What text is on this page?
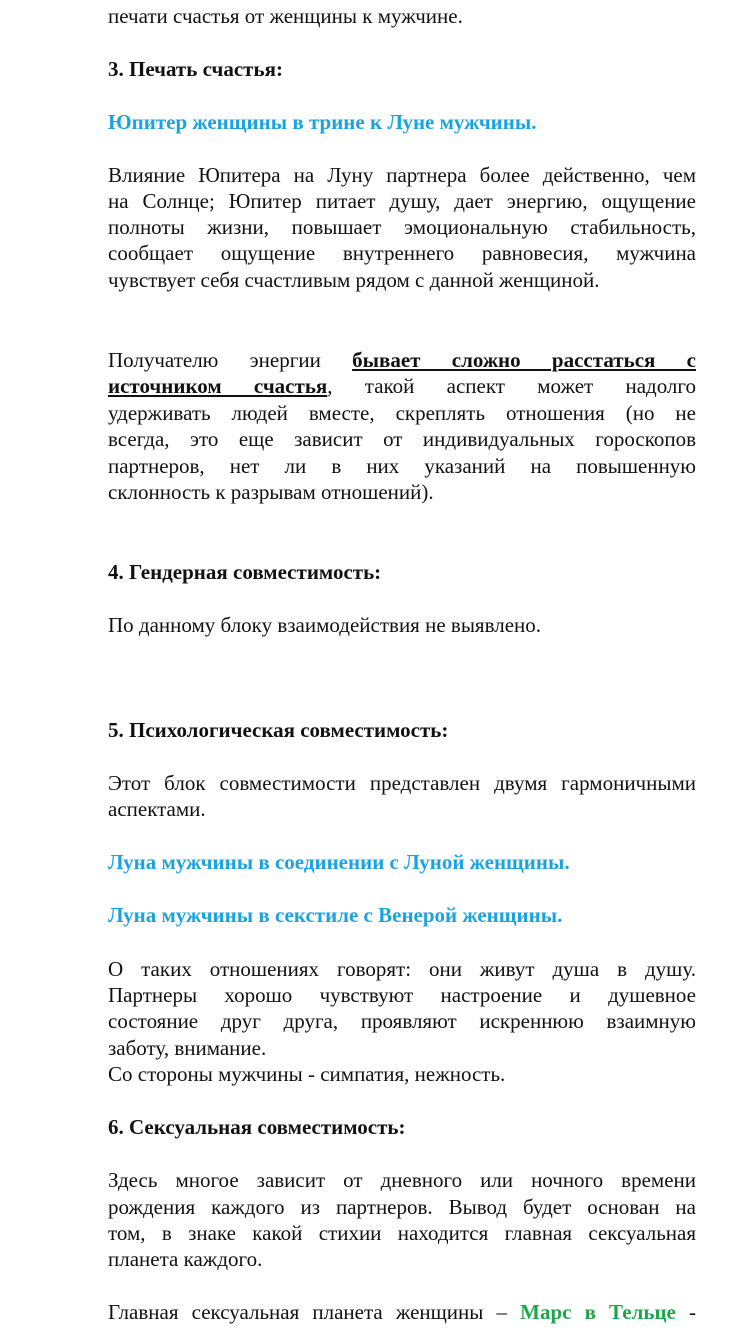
печати счастья от женщины к мужчине.
3. Печать счастья:
Юпитер женщины в трине к Луне мужчины.
Влияние Юпитера на Луну партнера более действенно, чем
на Солнце; Юпитер питает душу, дает энергию, ощущение
полноты жизни, повышает эмоциональную стабильность,
сообщает ощущение внутреннего равновесия, мужчина
чувствует себя счастливым рядом с данной женщиной.
Получателю энергии бывает сложно расстаться с
источником счастья, такой аспект может надолго
удерживать людей вместе, скреплять отношения (но не
всегда, это еще зависит от индивидуальных гороскопов
партнеров, нет ли в них указаний на повышенную
склонность к разрывам отношений).
4. Гендерная совместимость:
По данному блоку взаимодействия не выявлено.
5. Психологическая совместимость:
Этот блок совместимости представлен двумя гармоничными
аспектами.
Луна мужчины в соединении с Луной женщины.
Луна мужчины в секстиле с Венерой женщины.
О таких отношениях говорят: они живут душа в душу.
Партнеры хорошо чувствуют настроение и душевное
состояние друг друга, проявляют искреннюю взаимную
заботу, внимание.
Со стороны мужчины - симпатия, нежность.
6. Сексуальная совместимость:
Здесь многое зависит от дневного или ночного времени
рождения каждого из партнеров. Вывод будет основан на
том, в знаке какой стихии находится главная сексуальная
планета каждого.
Главная сексуальная планета женщины – Марс в Тельце -
